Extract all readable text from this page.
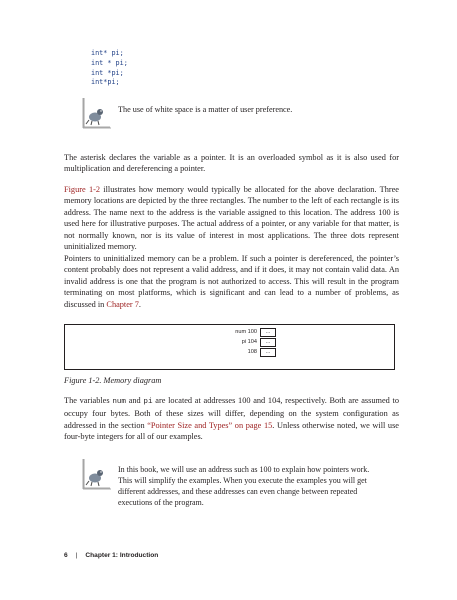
int* pi;
int * pi;
int *pi;
int*pi;
The use of white space is a matter of user preference.
The asterisk declares the variable as a pointer. It is an overloaded symbol as it is also used for multiplication and dereferencing a pointer.
Figure 1-2 illustrates how memory would typically be allocated for the above declaration. Three memory locations are depicted by the three rectangles. The number to the left of each rectangle is its address. The name next to the address is the variable assigned to this location. The address 100 is used here for illustrative purposes. The actual address of a pointer, or any variable for that matter, is not normally known, nor is its value of interest in most applications. The three dots represent uninitialized memory.
Pointers to uninitialized memory can be a problem. If such a pointer is dereferenced, the pointer’s content probably does not represent a valid address, and if it does, it may not contain valid data. An invalid address is one that the program is not authorized to access. This will result in the program terminating on most platforms, which is significant and can lead to a number of problems, as discussed in Chapter 7.
num 100	...
pi 104	...
108	...
Figure 1-2. Memory diagram
The variables num and pi are located at addresses 100 and 104, respectively. Both are assumed to occupy four bytes. Both of these sizes will differ, depending on the system configuration as addressed in the section “Pointer Size and Types” on page 15. Unless otherwise noted, we will use four-byte integers for all of our examples.
In this book, we will use an address such as 100 to explain how pointers work. This will simplify the examples. When you execute the examples you will get different addresses, and these addresses can even change between repeated executions of the program.
6 | Chapter 1: Introduction
